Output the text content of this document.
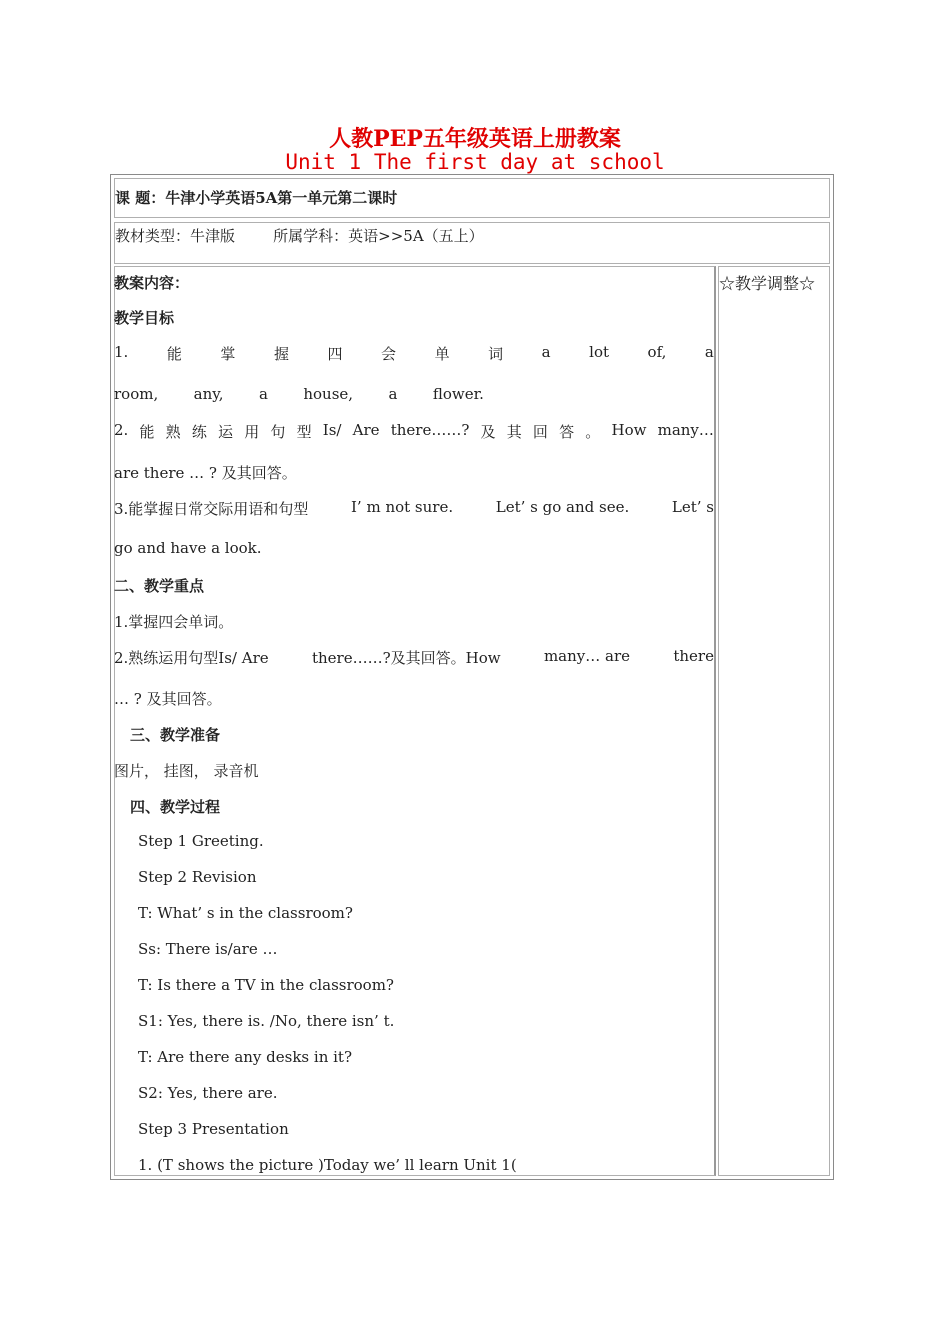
人教PEP五年级英语上册教案
Unit 1 The first day at school
课 题：牛津小学英语5A第一单元第二课时
教材类型：牛津版        所属学科：英语>>5A（五上）
☆教学调整☆
教案内容：
教学目标
1.	能	掌	握	四	会	单	词	a	lot	of,	a
room, any, a house, a flower.
2. 能 熟 练 运 用 句 型 Is/ Are there……? 及 其 回 答 。 How many…
are there … ? 及其回答。
3.能掌握日常交际用语和句型	I’ m not sure.	Let’ s go and see.	Let’ s
go and have a look.
二、教学重点
1.掌握四会单词。
2.熟练运用句型Is/ Are	there……?及其回答。How	many… are	there
… ? 及其回答。
三、教学准备
图片， 挂图， 录音机
四、教学过程
Step 1 Greeting.
Step 2 Revision
T: What’ s in the classroom?
Ss: There is/are …
T: Is there a TV in the classroom?
S1: Yes, there is. /No, there isn’ t.
T: Are there any desks in it?
S2: Yes, there are.
Step 3 Presentation
1. (T shows the picture )Today we’ ll learn Unit 1(
